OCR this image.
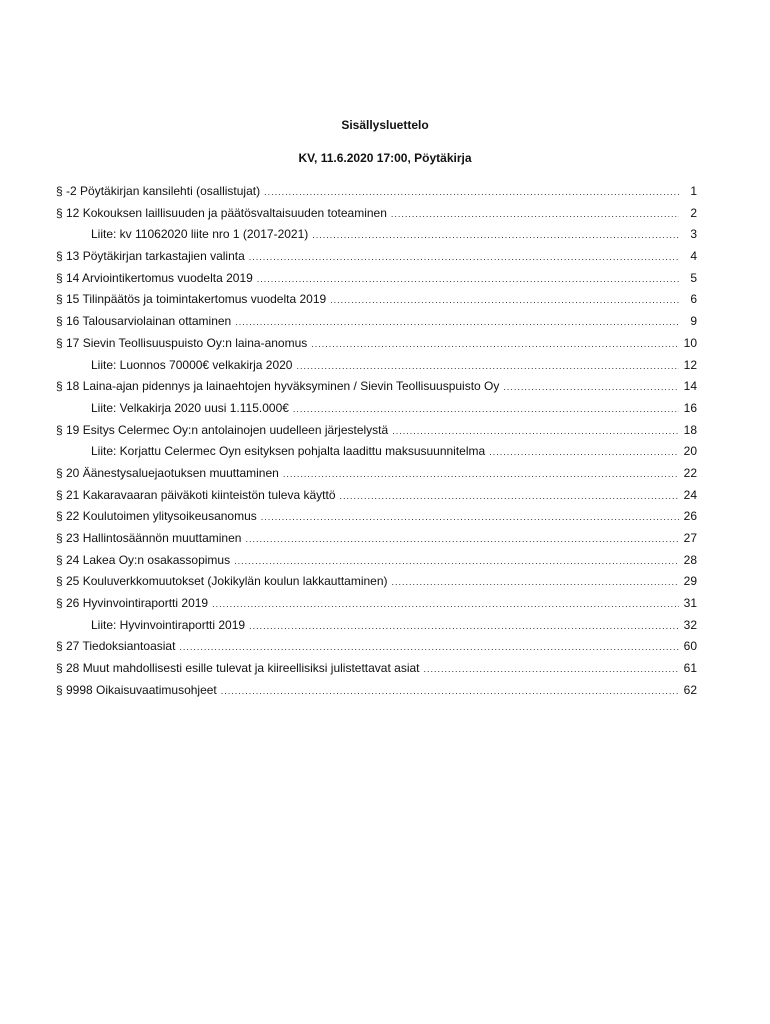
Sisällysluettelo
KV, 11.6.2020 17:00, Pöytäkirja
§ -2 Pöytäkirjan kansilehti (osallistujat) .....	1
§ 12 Kokouksen laillisuuden ja päätösvaltaisuuden toteaminen .....	2
Liite: kv 11062020 liite nro 1 (2017-2021) .....	3
§ 13 Pöytäkirjan tarkastajien valinta .....	4
§ 14 Arviointikertomus vuodelta 2019 .....	5
§ 15 Tilinpäätös ja toimintakertomus vuodelta 2019 .....	6
§ 16 Talousarviolainan ottaminen .....	9
§ 17 Sievin Teollisuuspuisto Oy:n laina-anomus .....	10
Liite: Luonnos 70000€ velkakirja 2020 .....	12
§ 18 Laina-ajan pidennys ja lainaehtojen hyväksyminen / Sievin Teollisuuspuisto Oy .....	14
Liite: Velkakirja 2020 uusi 1.115.000€ .....	16
§ 19 Esitys Celermec Oy:n antolainojen uudelleen järjestelystä .....	18
Liite: Korjattu Celermec Oyn esityksen pohjalta laadittu maksusuunnitelma .....	20
§ 20 Äänestysaluejaotuksen muuttaminen .....	22
§ 21 Kakaravaaran päiväkoti kiinteistön tuleva käyttö .....	24
§ 22 Koulutoimen ylitysoikeusanomus .....	26
§ 23 Hallintosäännön muuttaminen .....	27
§ 24 Lakea Oy:n osakassopimus .....	28
§ 25 Kouluverkkomuutokset (Jokikylän koulun lakkauttaminen) .....	29
§ 26 Hyvinvointiraportti 2019 .....	31
Liite: Hyvinvointiraportti 2019 .....	32
§ 27 Tiedoksiantoasiat .....	60
§ 28 Muut mahdollisesti esille tulevat ja kiireellisiksi julistettavat asiat .....	61
§ 9998 Oikaisuvaatimusohjeet .....	62
